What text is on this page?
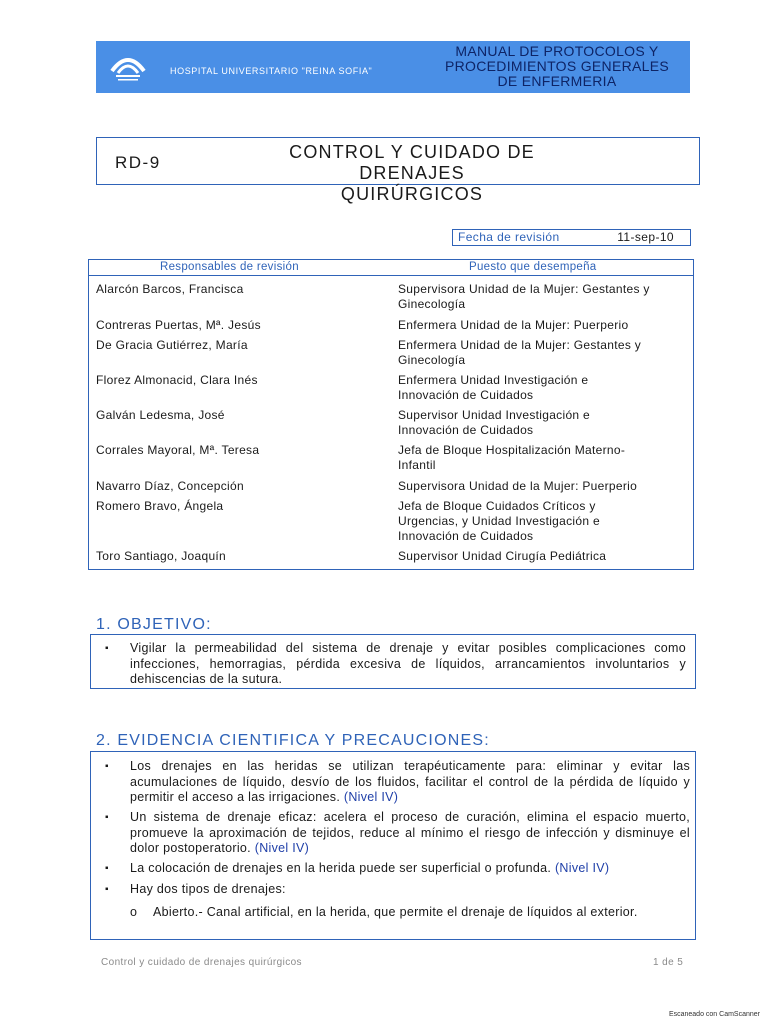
HOSPITAL UNIVERSITARIO "REINA SOFIA"
MANUAL DE PROTOCOLOS Y
PROCEDIMIENTOS GENERALES
DE ENFERMERIA
RD-9
CONTROL Y CUIDADO DE DRENAJES
QUIRÚRGICOS
Fecha de revisión	11-sep-10
Responsables de revisión	Puesto que desempeña
Alarcón Barcos, Francisca	Supervisora Unidad de la Mujer: Gestantes y
Ginecología
Contreras Puertas, Mª. Jesús	Enfermera Unidad de la Mujer: Puerperio
De Gracia Gutiérrez, María	Enfermera Unidad de la Mujer: Gestantes y
Ginecología
Florez Almonacid, Clara Inés	Enfermera Unidad Investigación e
Innovación de Cuidados
Galván Ledesma, José	Supervisor Unidad Investigación e
Innovación de Cuidados
Corrales Mayoral, Mª. Teresa	Jefa de Bloque Hospitalización Materno-
Infantil
Navarro Díaz, Concepción	Supervisora Unidad de la Mujer: Puerperio
Romero Bravo, Ángela	Jefa de Bloque Cuidados Críticos y
Urgencias, y Unidad Investigación e
Innovación de Cuidados
Toro Santiago, Joaquín	Supervisor Unidad Cirugía Pediátrica
1. OBJETIVO:
▪ Vigilar la permeabilidad del sistema de drenaje y evitar posibles complicaciones como infecciones, hemorragias, pérdida excesiva de líquidos, arrancamientos involuntarios y dehiscencias de la sutura.
2. EVIDENCIA CIENTIFICA Y PRECAUCIONES:
▪ Los drenajes en las heridas se utilizan terapéuticamente para: eliminar y evitar las acumulaciones de líquido, desvío de los fluidos, facilitar el control de la pérdida de líquido y permitir el acceso a las irrigaciones. (Nivel IV)
▪ Un sistema de drenaje eficaz: acelera el proceso de curación, elimina el espacio muerto, promueve la aproximación de tejidos, reduce al mínimo el riesgo de infección y disminuye el dolor postoperatorio. (Nivel IV)
▪ La colocación de drenajes en la herida puede ser superficial o profunda. (Nivel IV)
▪ Hay dos tipos de drenajes:
o Abierto.- Canal artificial, en la herida, que permite el drenaje de líquidos al exterior.
Control y cuidado de drenajes quirúrgicos	1 de 5
Escaneado con CamScanner
